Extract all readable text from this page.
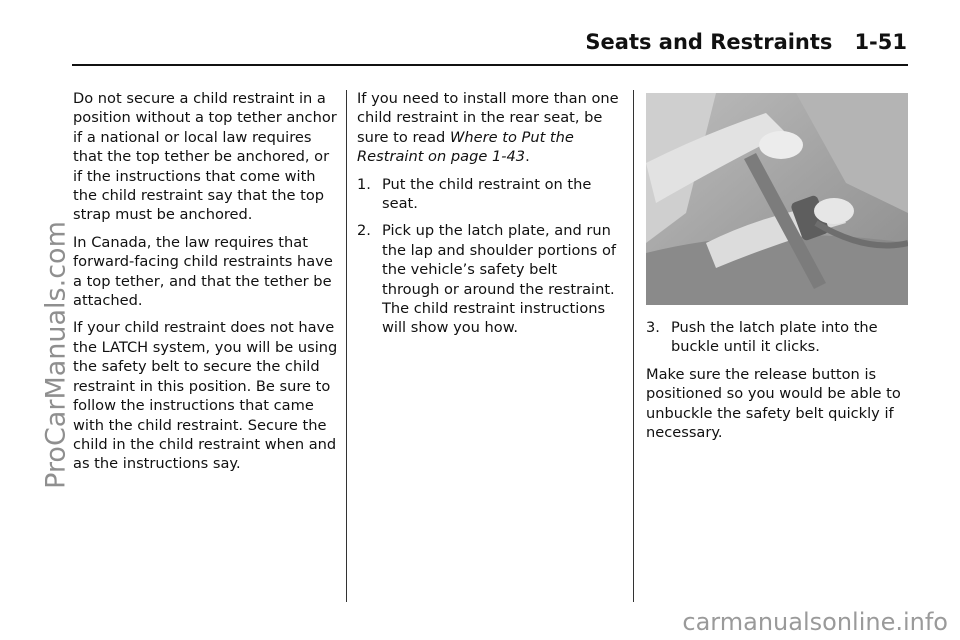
Seats and Restraints 1-51

Do not secure a child restraint in a position without a top tether anchor if a national or local law requires that the top tether be anchored, or if the instructions that come with the child restraint say that the top strap must be anchored.

In Canada, the law requires that forward-facing child restraints have a top tether, and that the tether be attached.

If your child restraint does not have the LATCH system, you will be using the safety belt to secure the child restraint in this position. Be sure to follow the instructions that came with the child restraint. Secure the child in the child restraint when and as the instructions say.

If you need to install more than one child restraint in the rear seat, be sure to read Where to Put the Restraint on page 1-43.

1. Put the child restraint on the seat.
2. Pick up the latch plate, and run the lap and shoulder portions of the vehicle’s safety belt through or around the restraint. The child restraint instructions will show you how.	3. Push the latch plate into the buckle until it clicks.

Make sure the release button is positioned so you would be able to unbuckle the safety belt quickly if necessary.

ProCarManuals.com
carmanualsonline.info
